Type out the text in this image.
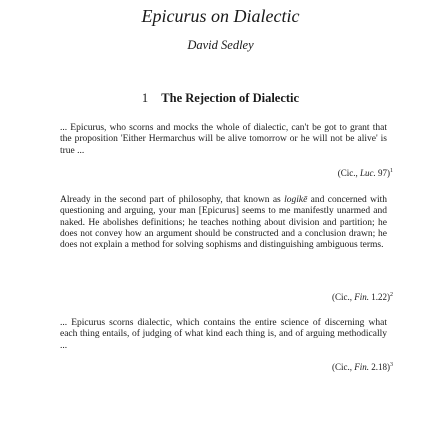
Epicurus on Dialectic
David Sedley
1 The Rejection of Dialectic

... Epicurus, who scorns and mocks the whole of dialectic, can't be got to grant that the proposition 'Either Hermarchus will be alive tomorrow or he will not be alive' is true ...

(Cic., Luc. 97)$^1$

Already in the second part of philosophy, that known as logikē and concerned with questioning and arguing, your man [Epicurus] seems to me manifestly unarmed and naked. He abolishes definitions; he teaches nothing about division and partition; he does not convey how an argument should be constructed and a conclusion drawn; he does not explain a method for solving sophisms and distinguishing ambiguous terms.

(Cic., Fin. 1.22)$^2$

... Epicurus scorns dialectic, which contains the entire science of discerning what each thing entails, of judging of what kind each thing is, and of arguing methodically ...

(Cic., Fin. 2.18)$^3$
